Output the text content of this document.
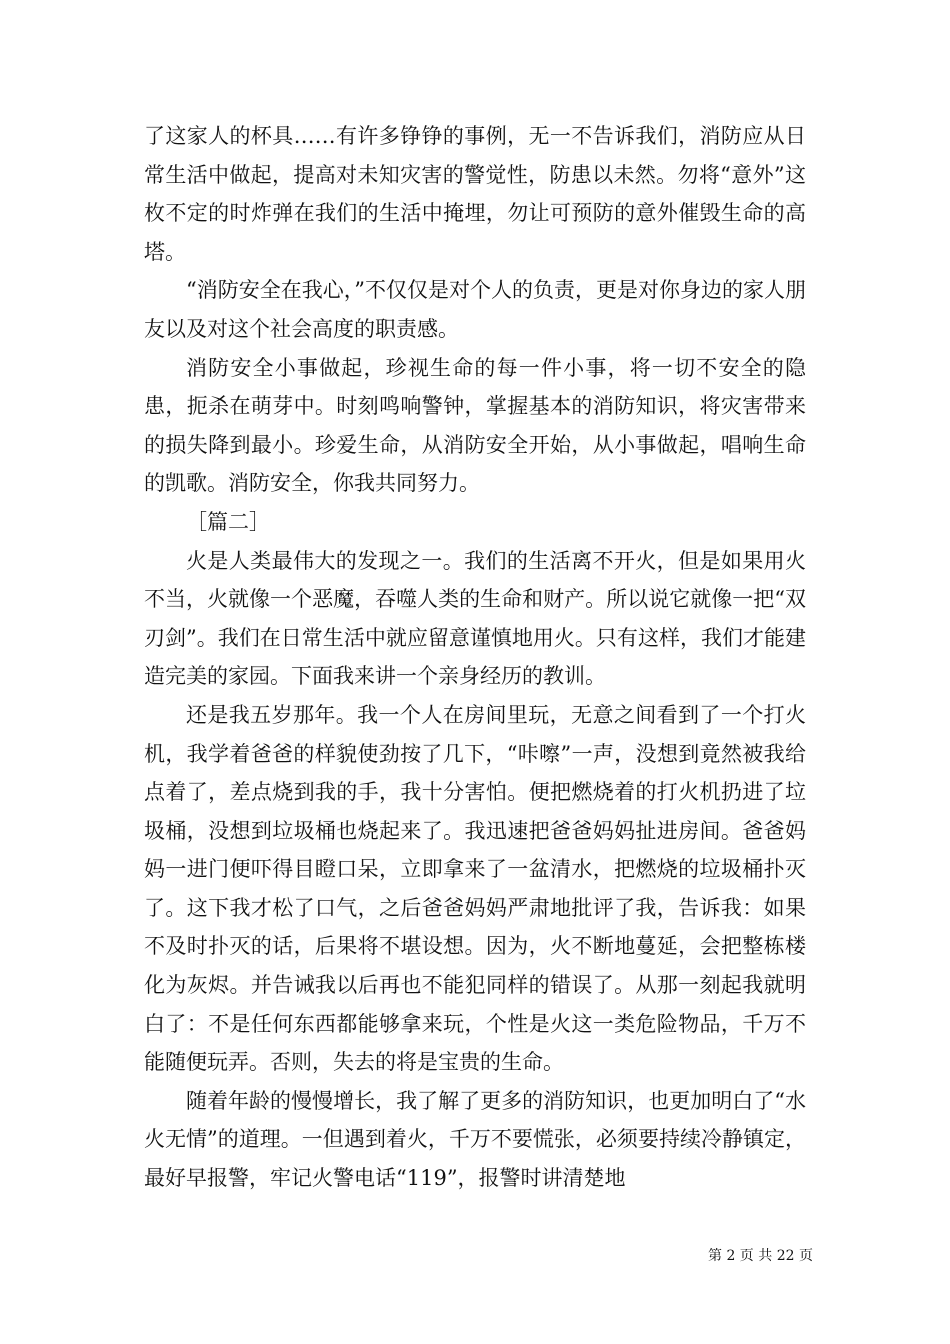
了这家人的杯具……有许多铮铮的事例，无一不告诉我们，消防应从日常生活中做起，提高对未知灾害的警觉性，防患以未然。勿将“意外”这枚不定的时炸弹在我们的生活中掩埋，勿让可预防的意外催毁生命的高塔。

“消防安全在我心，”不仅仅是对个人的负责，更是对你身边的家人朋友以及对这个社会高度的职责感。

消防安全小事做起，珍视生命的每一件小事，将一切不安全的隐患，扼杀在萌芽中。时刻鸣响警钟，掌握基本的消防知识，将灾害带来的损失降到最小。珍爱生命，从消防安全开始，从小事做起，唱响生命的凯歌。消防安全，你我共同努力。

［篇二］

火是人类最伟大的发现之一。我们的生活离不开火，但是如果用火不当，火就像一个恶魔，吞噬人类的生命和财产。所以说它就像一把“双刃剑”。我们在日常生活中就应留意谨慎地用火。只有这样，我们才能建造完美的家园。下面我来讲一个亲身经历的教训。

还是我五岁那年。我一个人在房间里玩，无意之间看到了一个打火机，我学着爸爸的样貌使劲按了几下，“咔嚓”一声，没想到竟然被我给点着了，差点烧到我的手，我十分害怕。便把燃烧着的打火机扔进了垃圾桶，没想到垃圾桶也烧起来了。我迅速把爸爸妈妈扯进房间。爸爸妈妈一进门便吓得目瞪口呆，立即拿来了一盆清水，把燃烧的垃圾桶扑灭了。这下我才松了口气，之后爸爸妈妈严肃地批评了我，告诉我：如果不及时扑灭的话，后果将不堪设想。因为，火不断地蔓延，会把整栋楼化为灰烬。并告诫我以后再也不能犯同样的错误了。从那一刻起我就明白了：不是任何东西都能够拿来玩，个性是火这一类危险物品，千万不能随便玩弄。否则，失去的将是宝贵的生命。

随着年龄的慢慢增长，我了解了更多的消防知识，也更加明白了“水火无情”的道理。一但遇到着火，千万不要慌张，必须要持续冷静镇定，最好早报警，牢记火警电话“119”，报警时讲清楚地

第 2 页 共 22 页
